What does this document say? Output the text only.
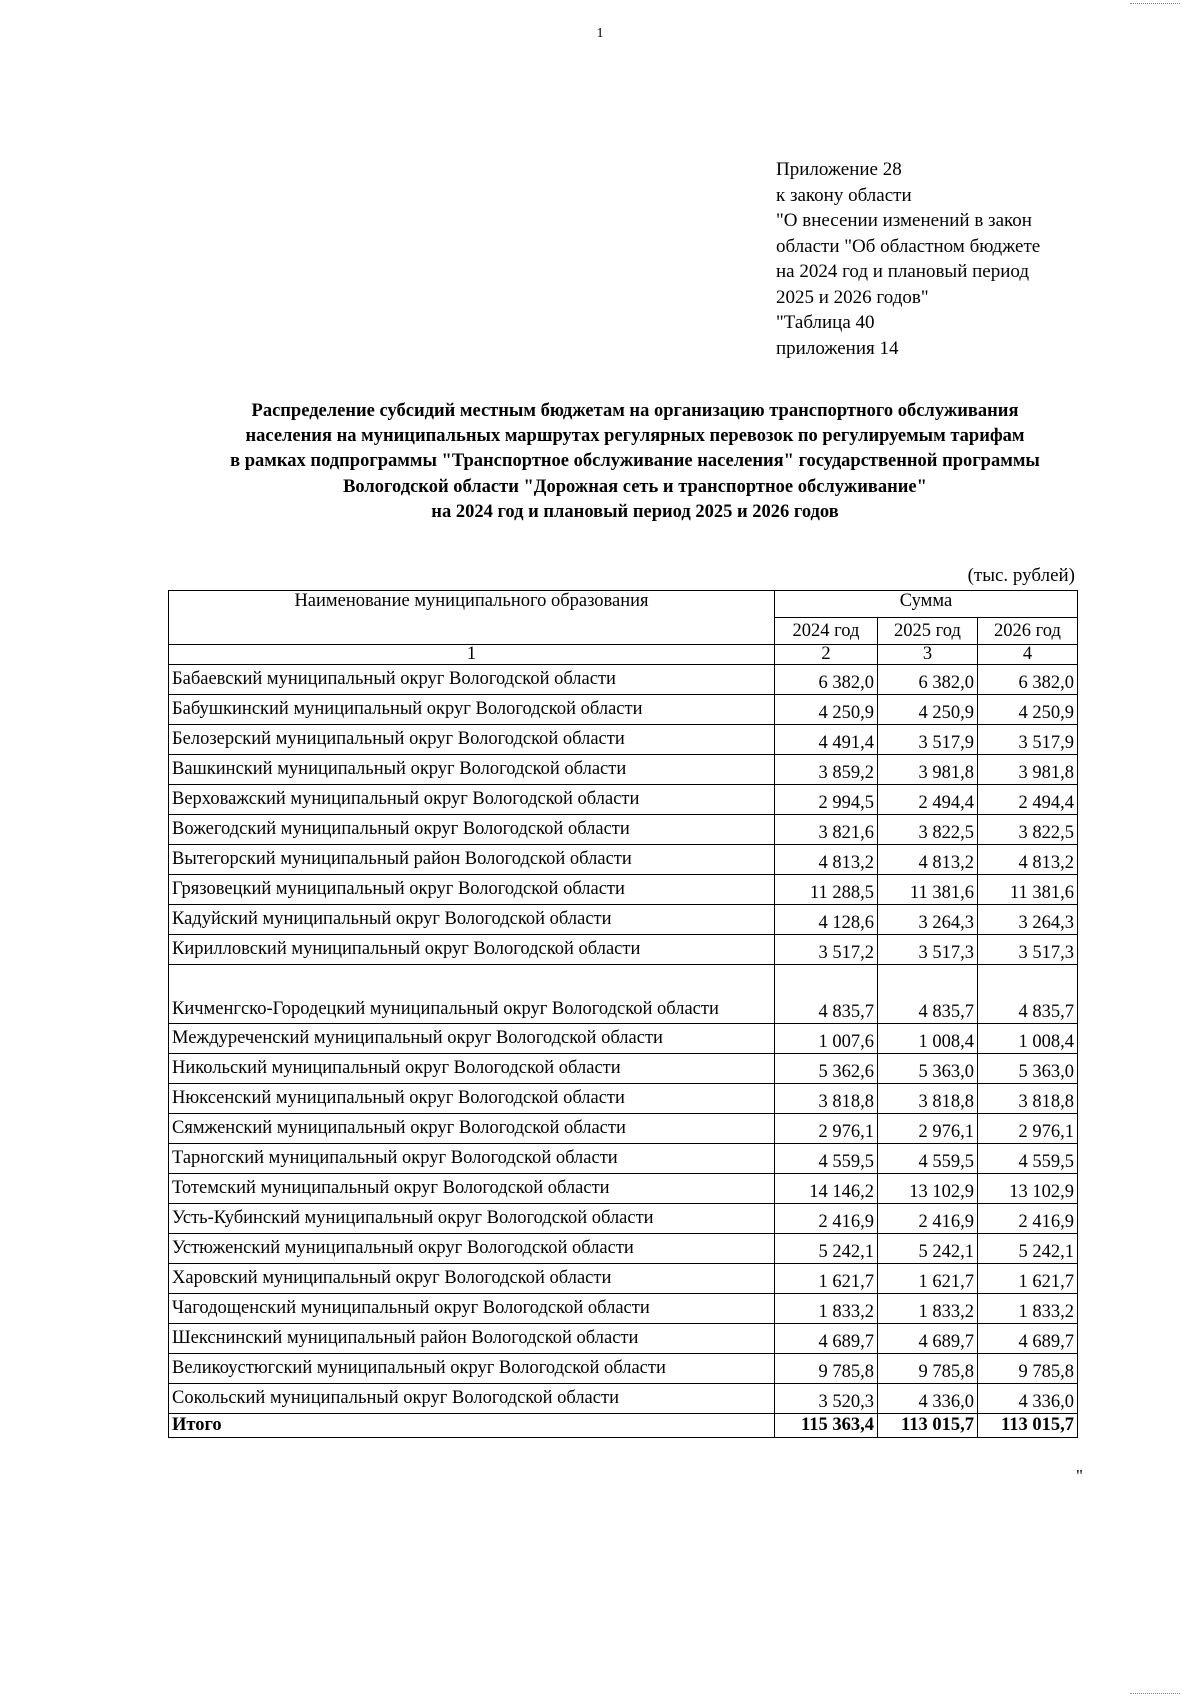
1
Приложение 28
к закону области
"О внесении изменений в закон
области "Об областном бюджете
на 2024 год и плановый период
2025 и 2026 годов"
"Таблица 40
приложения 14
Распределение субсидий местным бюджетам на организацию транспортного обслуживания
населения на муниципальных маршрутах регулярных перевозок по регулируемым тарифам
в рамках подпрограммы "Транспортное обслуживание населения" государственной программы
Вологодской области "Дорожная сеть и транспортное обслуживание"
на 2024 год и плановый период 2025 и 2026 годов
(тыс. рублей)
Наименование муниципального образования	Сумма		
	2024 год	2025 год	2026 год
1	2	3	4
Бабаевский муниципальный округ Вологодской области	6 382,0	6 382,0	6 382,0
Бабушкинский муниципальный округ Вологодской области	4 250,9	4 250,9	4 250,9
Белозерский муниципальный округ Вологодской области	4 491,4	3 517,9	3 517,9
Вашкинский муниципальный округ Вологодской области	3 859,2	3 981,8	3 981,8
Верховажский муниципальный округ Вологодской области	2 994,5	2 494,4	2 494,4
Вожегодский муниципальный округ Вологодской области	3 821,6	3 822,5	3 822,5
Вытегорский муниципальный район Вологодской области	4 813,2	4 813,2	4 813,2
Грязовецкий муниципальный округ Вологодской области	11 288,5	11 381,6	11 381,6
Кадуйский муниципальный округ Вологодской области	4 128,6	3 264,3	3 264,3
Кирилловский муниципальный округ Вологодской области	3 517,2	3 517,3	3 517,3
Кичменгско-Городецкий муниципальный округ Вологодской области	4 835,7	4 835,7	4 835,7
Междуреченский муниципальный округ Вологодской области	1 007,6	1 008,4	1 008,4
Никольский муниципальный округ Вологодской области	5 362,6	5 363,0	5 363,0
Нюксенский муниципальный округ Вологодской области	3 818,8	3 818,8	3 818,8
Сямженский муниципальный округ Вологодской области	2 976,1	2 976,1	2 976,1
Тарногский муниципальный округ Вологодской области	4 559,5	4 559,5	4 559,5
Тотемский муниципальный округ Вологодской области	14 146,2	13 102,9	13 102,9
Усть-Кубинский муниципальный округ Вологодской области	2 416,9	2 416,9	2 416,9
Устюженский муниципальный округ Вологодской области	5 242,1	5 242,1	5 242,1
Харовский муниципальный округ Вологодской области	1 621,7	1 621,7	1 621,7
Чагодощенский муниципальный округ Вологодской области	1 833,2	1 833,2	1 833,2
Шекснинский муниципальный район Вологодской области	4 689,7	4 689,7	4 689,7
Великоустюгский муниципальный округ Вологодской области	9 785,8	9 785,8	9 785,8
Сокольский муниципальный округ Вологодской области	3 520,3	4 336,0	4 336,0
Итого	115 363,4	113 015,7	113 015,7
"
